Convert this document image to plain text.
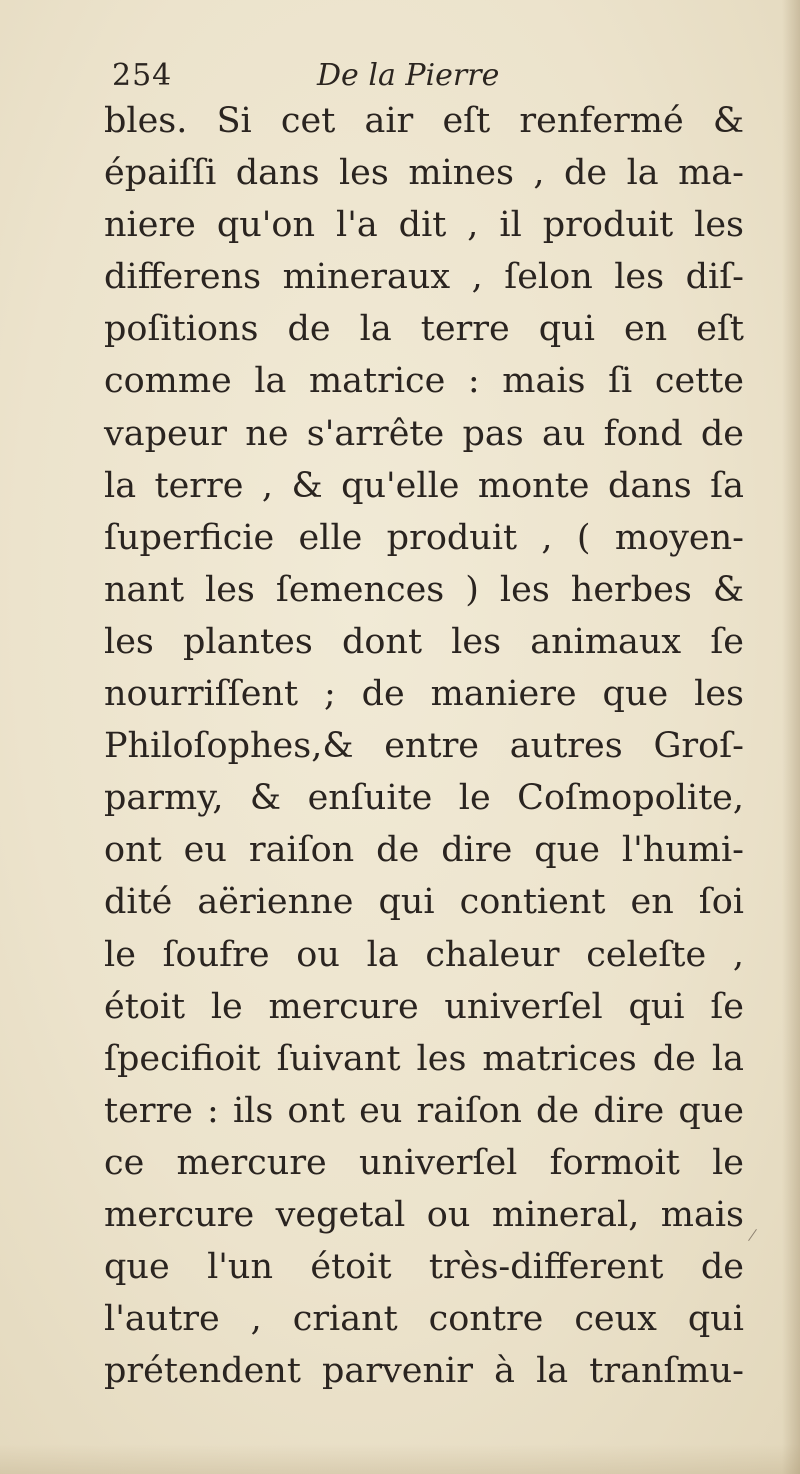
254	De la Pierre
bles. Si cet air eſt renfermé &
épaiſſi dans les mines , de la ma-
niere qu'on l'a dit , il produit les
differens mineraux , ſelon les diſ-
poſitions de la terre qui en eſt
comme la matrice : mais ſi cette
vapeur ne s'arrête pas au fond de
la terre , & qu'elle monte dans ſa
ſuperficie elle produit , ( moyen-
nant les ſemences ) les herbes &
les plantes dont les animaux ſe
nourriſſent ; de maniere que les
Philoſophes,& entre autres Groſ-
parmy, & enſuite le Coſmopolite,
ont eu raiſon de dire que l'humi-
dité aërienne qui contient en ſoi
le ſoufre ou la chaleur celeſte ,
étoit le mercure univerſel qui ſe
ſpecifioit ſuivant les matrices de la
terre : ils ont eu raiſon de dire que
ce mercure univerſel formoit le
mercure vegetal ou mineral, mais
que l'un étoit très-different de
l'autre , criant contre ceux qui
prétendent parvenir à la tranſmu-
